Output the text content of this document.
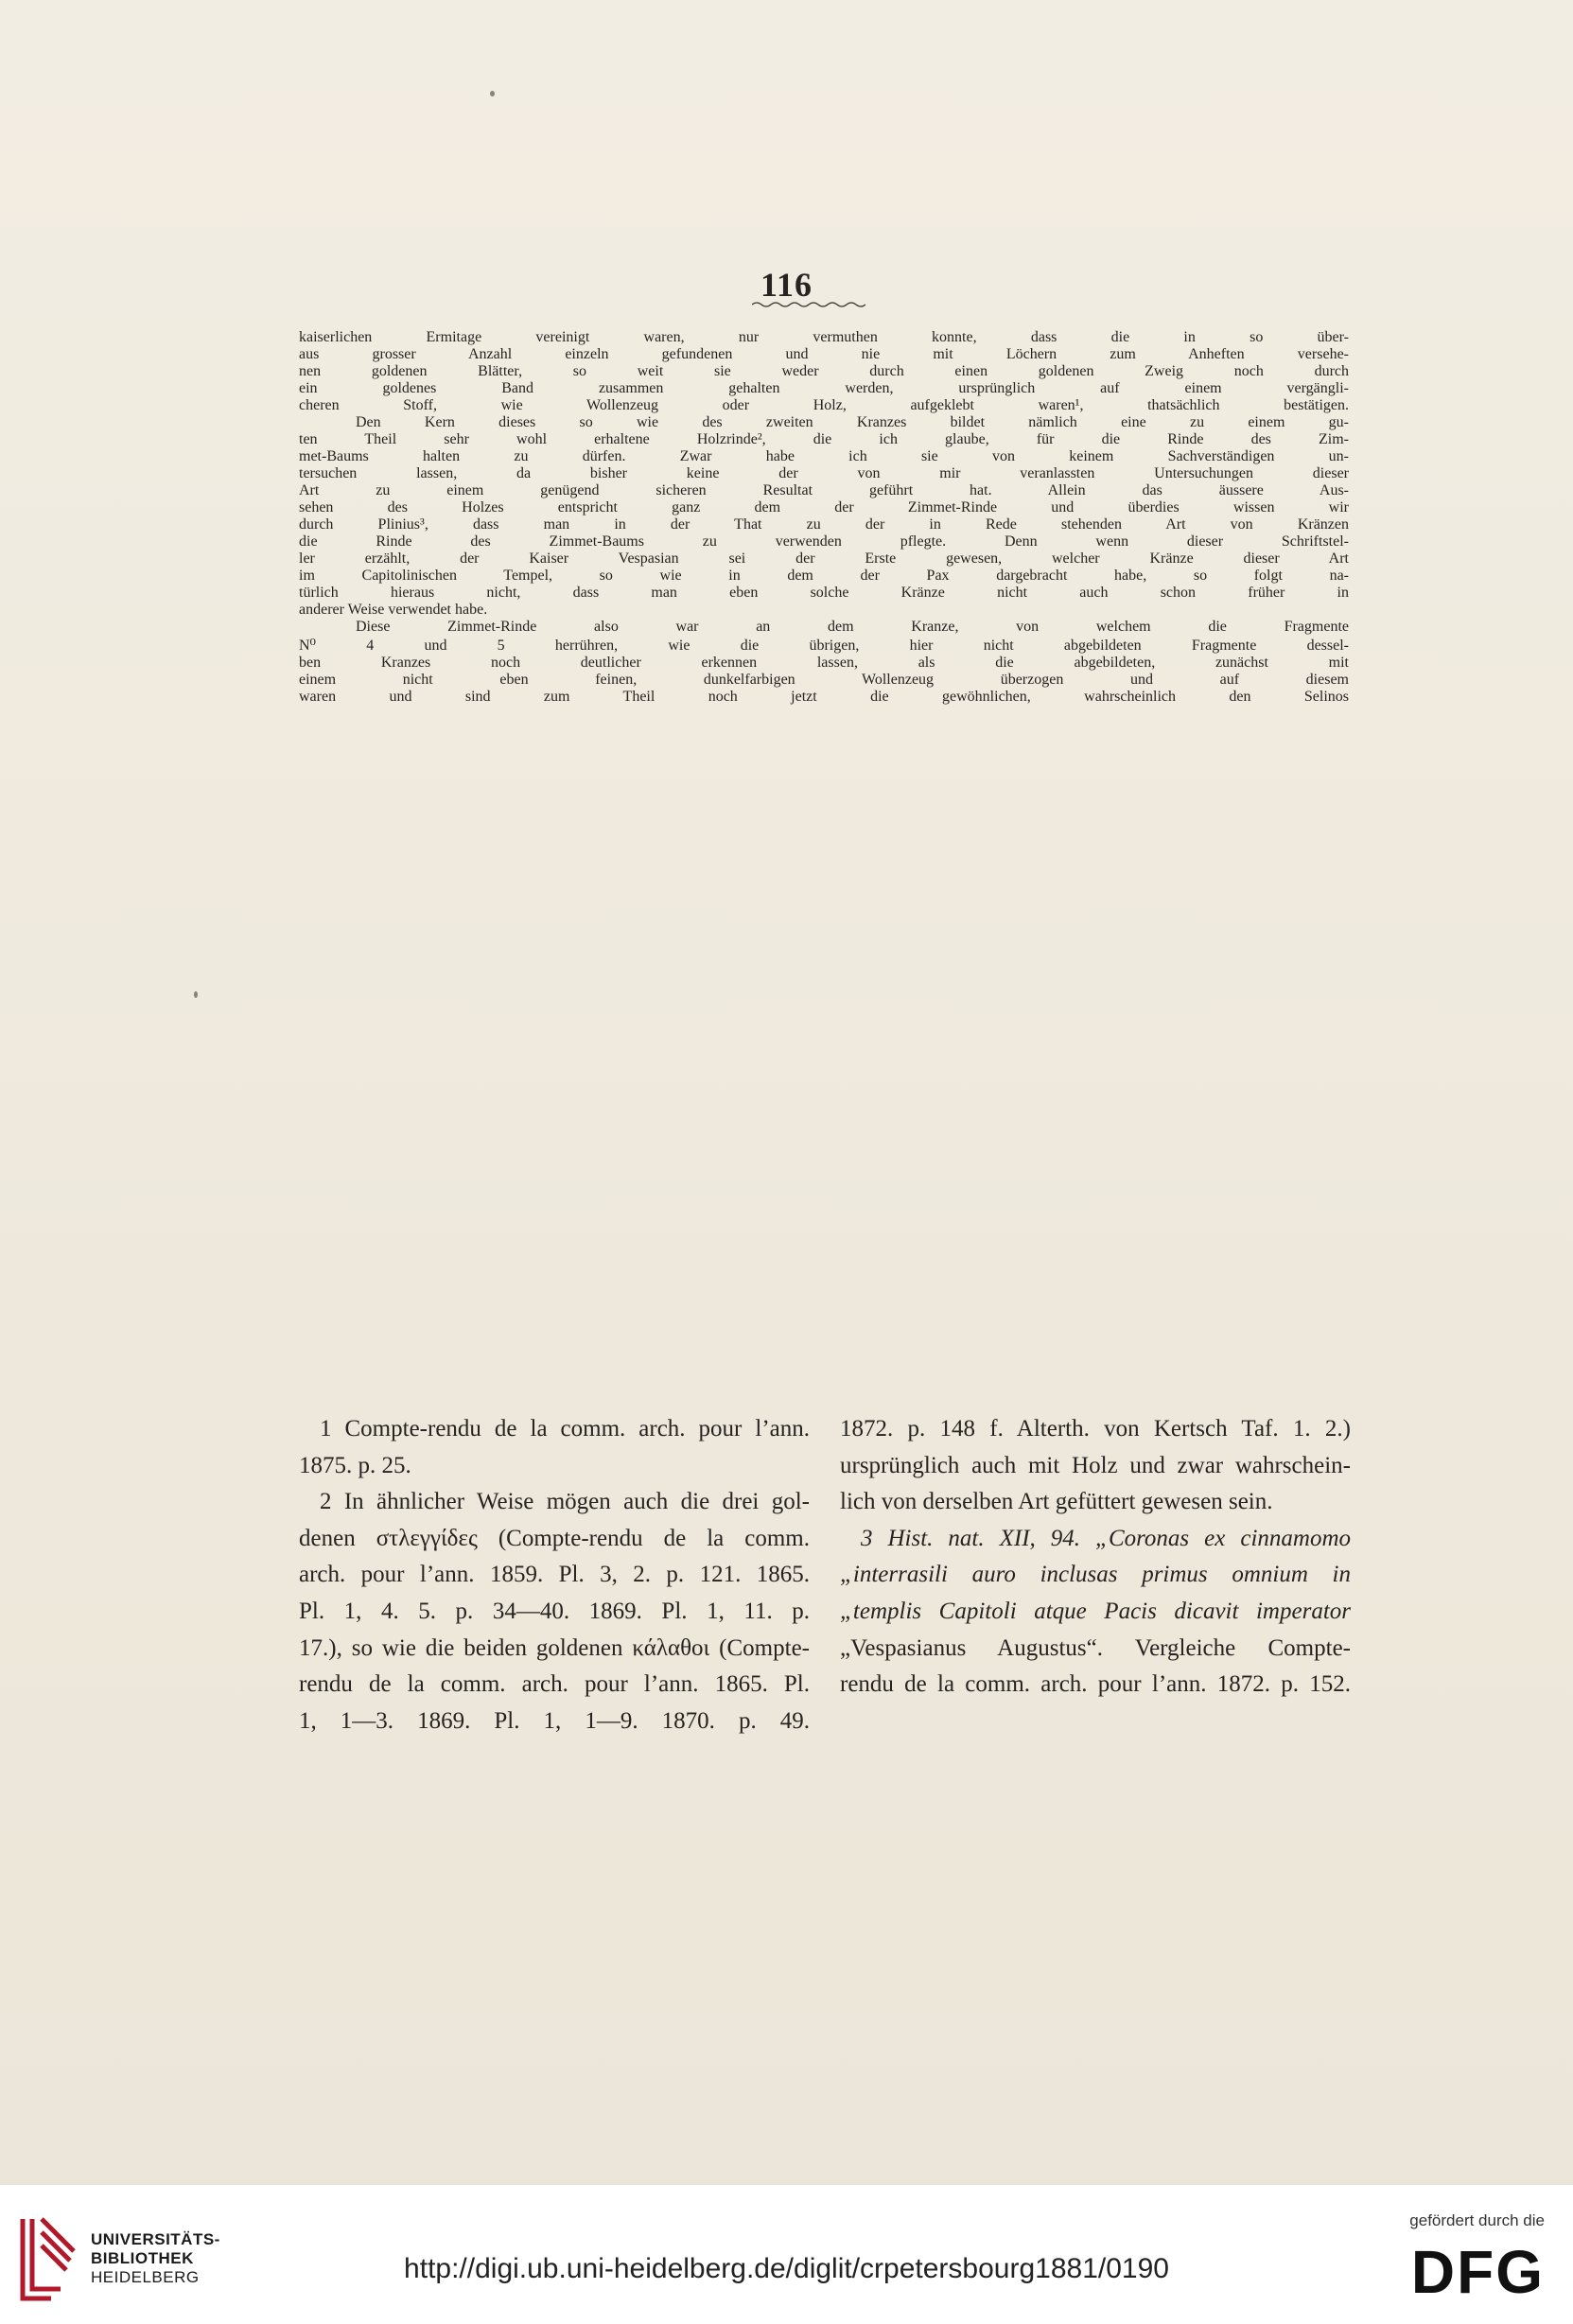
116
kaiserlichen Ermitage vereinigt waren, nur vermuthen konnte, dass die in so über-
aus grosser Anzahl einzeln gefundenen und nie mit Löchern zum Anheften versehe-
nen goldenen Blätter, so weit sie weder durch einen goldenen Zweig noch durch
ein goldenes Band zusammen gehalten werden, ursprünglich auf einem vergängli-
cheren Stoff, wie Wollenzeug oder Holz, aufgeklebt waren¹, thatsächlich bestätigen.
Den Kern dieses so wie des zweiten Kranzes bildet nämlich eine zu einem gu-
ten Theil sehr wohl erhaltene Holzrinde², die ich glaube, für die Rinde des Zim-
met-Baums halten zu dürfen. Zwar habe ich sie von keinem Sachverständigen un-
tersuchen lassen, da bisher keine der von mir veranlassten Untersuchungen dieser
Art zu einem genügend sicheren Resultat geführt hat. Allein das äussere Aus-
sehen des Holzes entspricht ganz dem der Zimmet-Rinde und überdies wissen wir
durch Plinius³, dass man in der That zu der in Rede stehenden Art von Kränzen
die Rinde des Zimmet-Baums zu verwenden pflegte. Denn wenn dieser Schriftstel-
ler erzählt, der Kaiser Vespasian sei der Erste gewesen, welcher Kränze dieser Art
im Capitolinischen Tempel, so wie in dem der Pax dargebracht habe, so folgt na-
türlich hieraus nicht, dass man eben solche Kränze nicht auch schon früher in
anderer Weise verwendet habe.
Diese Zimmet-Rinde also war an dem Kranze, von welchem die Fragmente
N⁰ 4 und 5 herrühren, wie die übrigen, hier nicht abgebildeten Fragmente dessel-
ben Kranzes noch deutlicher erkennen lassen, als die abgebildeten, zunächst mit
einem nicht eben feinen, dunkelfarbigen Wollenzeug überzogen und auf diesem
waren und sind zum Theil noch jetzt die gewöhnlichen, wahrscheinlich den Selinos
1 Compte-rendu de la comm. arch. pour l’ann.
1875. p. 25.
2 In ähnlicher Weise mögen auch die drei gol-
denen στλεγγίδες (Compte-rendu de la comm.
arch. pour l’ann. 1859. Pl. 3, 2. p. 121. 1865.
Pl. 1, 4. 5. p. 34—40. 1869. Pl. 1, 11. p.
17.), so wie die beiden goldenen κάλαθοι (Compte-
rendu de la comm. arch. pour l’ann. 1865. Pl.
1, 1—3. 1869. Pl. 1, 1—9. 1870. p. 49.
1872. p. 148 f. Alterth. von Kertsch Taf. 1. 2.)
ursprünglich auch mit Holz und zwar wahrschein-
lich von derselben Art gefüttert gewesen sein.
3 Hist. nat. XII, 94. „Coronas ex cinnamomo
„interrasili auro inclusas primus omnium in
„templis Capitoli atque Pacis dicavit imperator
„Vespasianus Augustus“. Vergleiche Compte-
rendu de la comm. arch. pour l’ann. 1872. p. 152.
UNIVERSITÄTS-
BIBLIOTHEK
HEIDELBERG	http://digi.ub.uni-heidelberg.de/diglit/crpetersbourg1881/0190
gefördert durch die
DFG
